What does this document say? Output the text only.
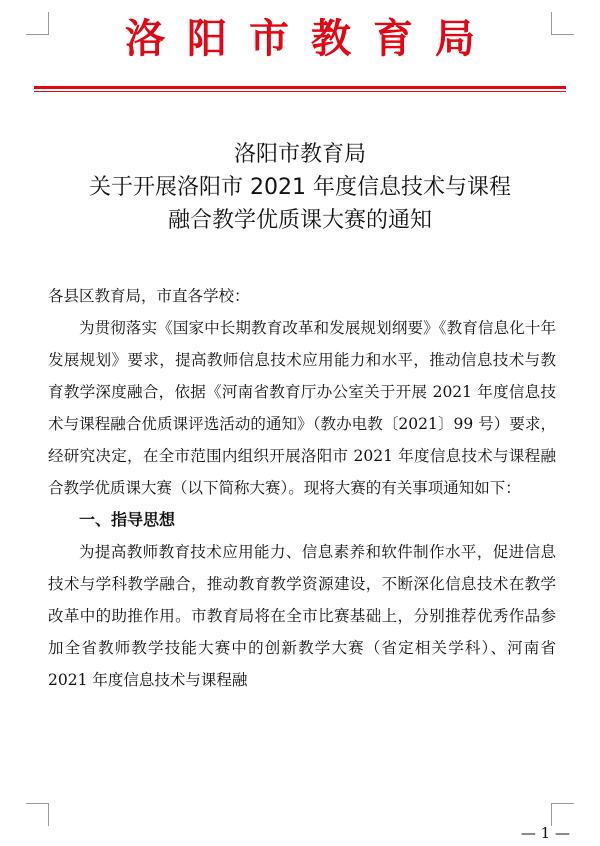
洛阳市教育局
洛阳市教育局
关于开展洛阳市 2021 年度信息技术与课程
融合教学优质课大赛的通知

各县区教育局，市直各学校：

为贯彻落实《国家中长期教育改革和发展规划纲要》《教育信息化十年发展规划》要求，提高教师信息技术应用能力和水平，推动信息技术与教育教学深度融合，依据《河南省教育厅办公室关于开展 2021 年度信息技术与课程融合优质课评选活动的通知》（教办电教〔2021〕99 号）要求，经研究决定，在全市范围内组织开展洛阳市 2021 年度信息技术与课程融合教学优质课大赛（以下简称大赛）。现将大赛的有关事项通知如下：

一、指导思想

为提高教师教育技术应用能力、信息素养和软件制作水平，促进信息技术与学科教学融合，推动教育教学资源建设，不断深化信息技术在教学改革中的助推作用。市教育局将在全市比赛基础上，分别推荐优秀作品参加全省教师教学技能大赛中的创新教学大赛（省定相关学科）、河南省 2021 年度信息技术与课程融

— 1 —
